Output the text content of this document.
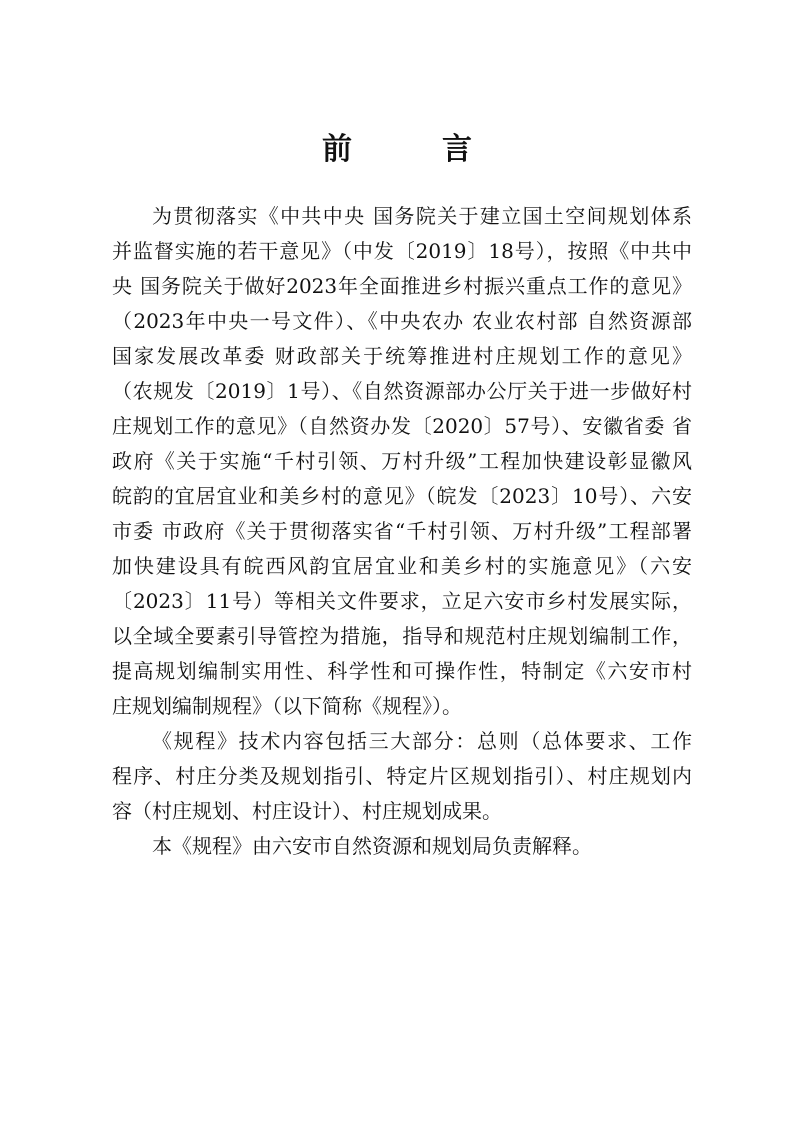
前　言
为贯彻落实《中共中央 国务院关于建立国土空间规划体系
并监督实施的若干意见》（中发〔2019〕18号），按照《中共中
央 国务院关于做好2023年全面推进乡村振兴重点工作的意见》
（2023年中央一号文件）、《中央农办 农业农村部 自然资源部
国家发展改革委 财政部关于统筹推进村庄规划工作的意见》
（农规发〔2019〕1号）、《自然资源部办公厅关于进一步做好村
庄规划工作的意见》（自然资办发〔2020〕57号）、安徽省委 省
政府《关于实施“千村引领、万村升级”工程加快建设彰显徽风
皖韵的宜居宜业和美乡村的意见》（皖发〔2023〕10号）、六安
市委 市政府《关于贯彻落实省“千村引领、万村升级”工程部署
加快建设具有皖西风韵宜居宜业和美乡村的实施意见》（六安
〔2023〕11号）等相关文件要求，立足六安市乡村发展实际，
以全域全要素引导管控为措施，指导和规范村庄规划编制工作，
提高规划编制实用性、科学性和可操作性，特制定《六安市村
庄规划编制规程》（以下简称《规程》）。
《规程》技术内容包括三大部分：总则（总体要求、工作
程序、村庄分类及规划指引、特定片区规划指引）、村庄规划内
容（村庄规划、村庄设计）、村庄规划成果。
本《规程》由六安市自然资源和规划局负责解释。
